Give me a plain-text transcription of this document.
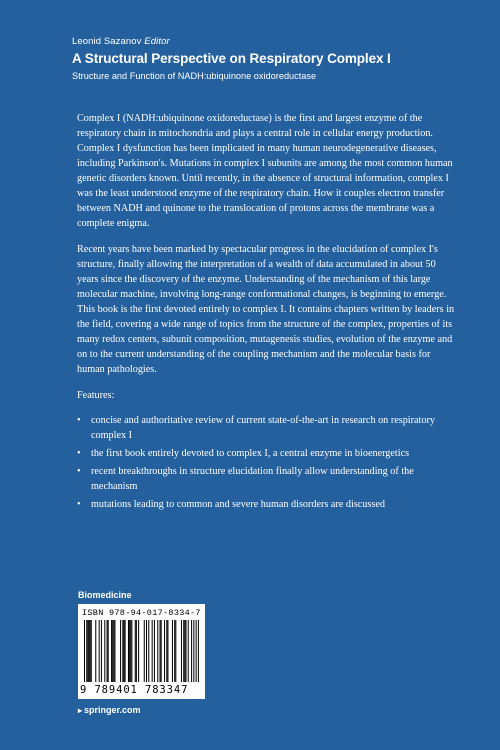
Leonid Sazanov Editor
A Structural Perspective on Respiratory Complex I
Structure and Function of NADH:ubiquinone oxidoreductase

Complex I (NADH:ubiquinone oxidoreductase) is the first and largest enzyme of the respiratory chain in mitochondria and plays a central role in cellular energy production. Complex I dysfunction has been implicated in many human neurodegenerative diseases, including Parkinson's. Mutations in complex I subunits are among the most common human genetic disorders known. Until recently, in the absence of structural information, complex I was the least understood enzyme of the respiratory chain. How it couples electron transfer between NADH and quinone to the translocation of protons across the membrane was a complete enigma.

Recent years have been marked by spectacular progress in the elucidation of complex I's structure, finally allowing the interpretation of a wealth of data accumulated in about 50 years since the discovery of the enzyme. Understanding of the mechanism of this large molecular machine, involving long-range conformational changes, is beginning to emerge. This book is the first devoted entirely to complex I. It contains chapters written by leaders in the field, covering a wide range of topics from the structure of the complex, properties of its many redox centers, subunit composition, mutagenesis studies, evolution of the enzyme and on to the current understanding of the coupling mechanism and the molecular basis for human pathologies.

Features:

• concise and authoritative review of current state-of-the-art in research on respiratory complex I
• the first book entirely devoted to complex I, a central enzyme in bioenergetics
• recent breakthroughs in structure elucidation finally allow understanding of the mechanism
• mutations leading to common and severe human disorders are discussed
Biomedicine
ISBN 978-94-017-8334-7
9 789401 783347
▸ springer.com
